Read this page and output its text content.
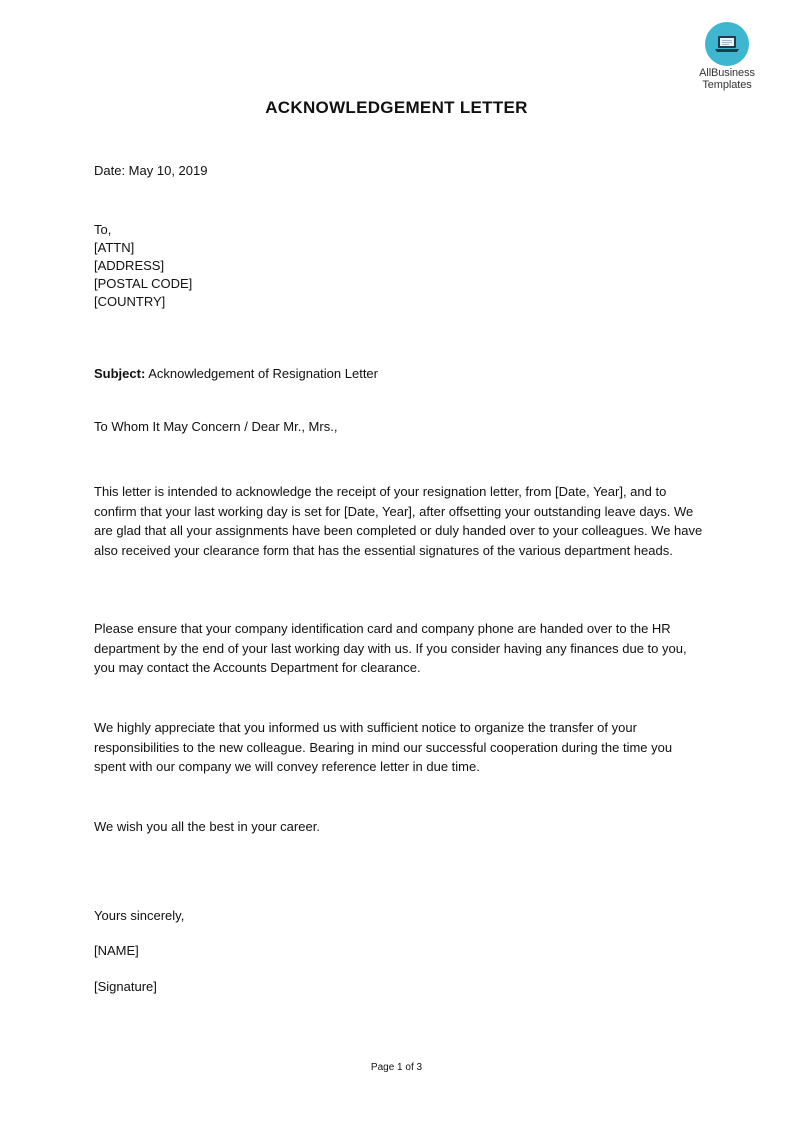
AllBusiness
Templates
ACKNOWLEDGEMENT LETTER
Date: May 10, 2019
To,
[ATTN]
[ADDRESS]
[POSTAL CODE]
[COUNTRY]
Subject: Acknowledgement of Resignation Letter
To Whom It May Concern / Dear Mr., Mrs.,
This letter is intended to acknowledge the receipt of your resignation letter, from [Date, Year], and to confirm that your last working day is set for [Date, Year], after offsetting your outstanding leave days. We are glad that all your assignments have been completed or duly handed over to your colleagues. We have also received your clearance form that has the essential signatures of the various department heads.
Please ensure that your company identification card and company phone are handed over to the HR department by the end of your last working day with us. If you consider having any finances due to you, you may contact the Accounts Department for clearance.
We highly appreciate that you informed us with sufficient notice to organize the transfer of your responsibilities to the new colleague. Bearing in mind our successful cooperation during the time you spent with our company we will convey reference letter in due time.
We wish you all the best in your career.
Yours sincerely,
[NAME]
[Signature]
Page 1 of 3
